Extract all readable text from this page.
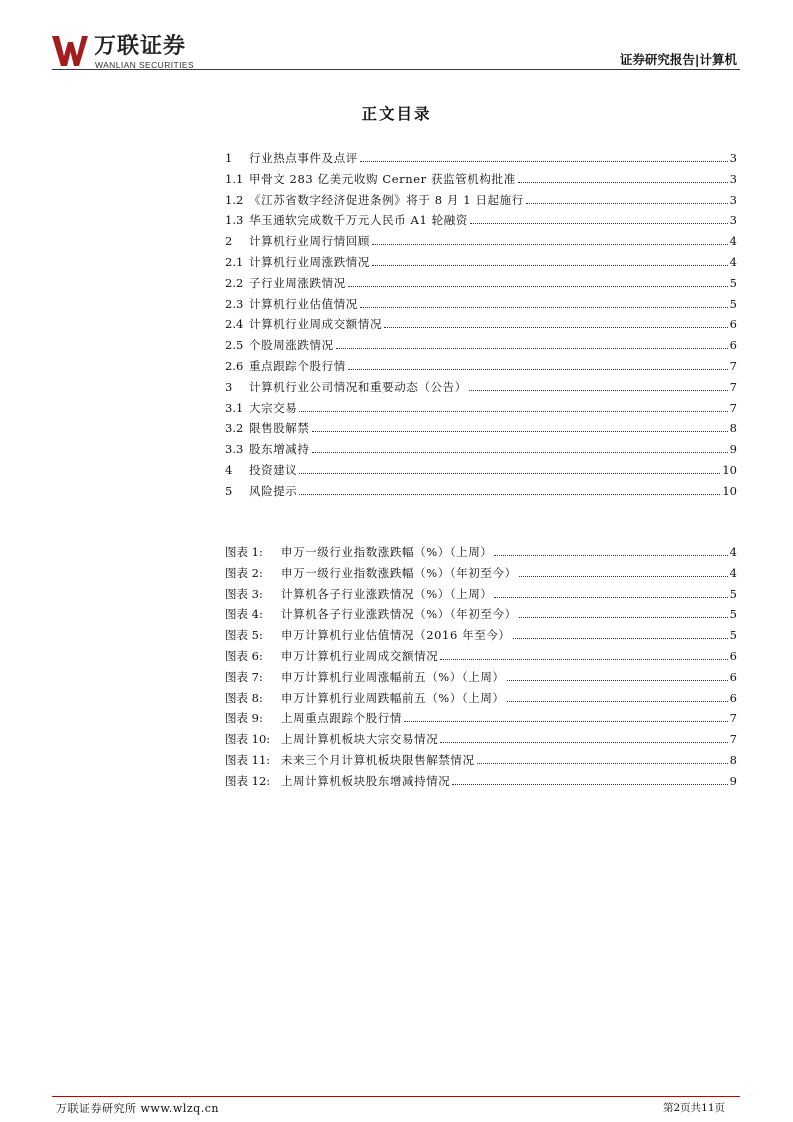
万联证券
WANLIAN SECURITIES	证券研究报告|计算机
正文目录
1	行业热点事件及点评	3
1.1 甲骨文 283 亿美元收购 Cerner 获监管机构批准	3
1.2 《江苏省数字经济促进条例》将于 8 月 1 日起施行	3
1.3 华玉通软完成数千万元人民币 A1 轮融资	3
2	计算机行业周行情回顾	4
2.1 计算机行业周涨跌情况	4
2.2 子行业周涨跌情况	5
2.3 计算机行业估值情况	5
2.4 计算机行业周成交额情况	6
2.5 个股周涨跌情况	6
2.6 重点跟踪个股行情	7
3	计算机行业公司情况和重要动态（公告）	7
3.1 大宗交易	7
3.2 限售股解禁	8
3.3 股东增减持	9
4	投资建议	10
5	风险提示	10
图表 1:	申万一级行业指数涨跌幅（%）（上周）	4
图表 2:	申万一级行业指数涨跌幅（%）（年初至今）	4
图表 3:	计算机各子行业涨跌情况（%）（上周）	5
图表 4:	计算机各子行业涨跌情况（%）（年初至今）	5
图表 5:	申万计算机行业估值情况（2016 年至今）	5
图表 6:	申万计算机行业周成交额情况	6
图表 7:	申万计算机行业周涨幅前五（%）（上周）	6
图表 8:	申万计算机行业周跌幅前五（%）（上周）	6
图表 9:	上周重点跟踪个股行情	7
图表 10: 上周计算机板块大宗交易情况	7
图表 11: 未来三个月计算机板块限售解禁情况	8
图表 12: 上周计算机板块股东增减持情况	9
万联证券研究所 www.wlzq.cn	第2页共11页
